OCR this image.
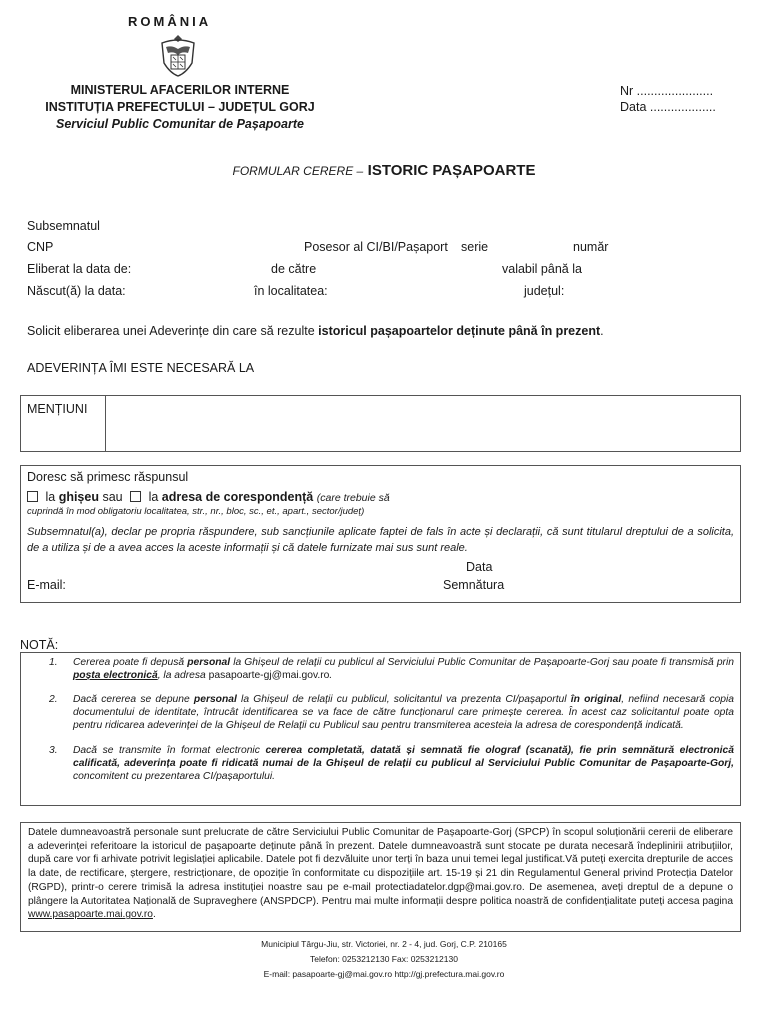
ROMÂNIA
MINISTERUL AFACERILOR INTERNE
INSTITUȚIA PREFECTULUI – JUDEȚUL GORJ
Serviciul Public Comunitar de Pașapoarte
Nr ......................
Data ...................
FORMULAR CERERE – ISTORIC PAȘAPOARTE
Subsemnatul
CNP	Posesor al CI/BI/Pașaport serie	număr
Eliberat la data de:	de către	valabil până la
Născut(ă) la data:	în localitatea:	județul:
Solicit eliberarea unei Adeverințe din care să rezulte istoricul pașapoartelor deținute până în prezent.
ADEVERINȚA ÎMI ESTE NECESARĂ LA
MENȚIUNI
Doresc să primesc răspunsul
la ghișeu sau la adresa de corespondență (care trebuie să
cuprindă în mod obligatoriu localitatea, str., nr., bloc, sc., et., apart., sector/județ)
Subsemnatul(a), declar pe propria răspundere, sub sancțiunile aplicate faptei de fals în acte și declarații, că sunt titularul dreptului de a solicita, de a utiliza și de a avea acces la aceste informații și că datele furnizate mai sus sunt reale.
Data
E-mail:	Semnătura
NOTĂ:
1. Cererea poate fi depusă personal la Ghișeul de relații cu publicul al Serviciului Public Comunitar de Pașapoarte-Gorj sau poate fi transmisă prin poșta electronică, la adresa pasapoarte-gj@mai.gov.ro.
2. Dacă cererea se depune personal la Ghișeul de relații cu publicul, solicitantul va prezenta CI/pașaportul în original, nefiind necesară copia documentului de identitate, întrucât identificarea se va face de către funcționarul care primește cererea. În acest caz solicitantul poate opta pentru ridicarea adeverinței de la Ghișeul de Relații cu Publicul sau pentru transmiterea acesteia la adresa de corespondență indicată.
3. Dacă se transmite în format electronic cererea completată, datată și semnată fie olograf (scanată), fie prin semnătură electronică calificată, adeverința poate fi ridicată numai de la Ghișeul de relații cu publicul al Serviciului Public Comunitar de Pașapoarte-Gorj, concomitent cu prezentarea CI/pașaportului.
Datele dumneavoastră personale sunt prelucrate de către Serviciului Public Comunitar de Pașapoarte-Gorj (SPCP) în scopul soluționării cererii de eliberare a adeverinței referitoare la istoricul de pașapoarte deținute până în prezent. Datele dumneavoastră sunt stocate pe durata necesară îndeplinirii atribuțiilor, după care vor fi arhivate potrivit legislației aplicabile. Datele pot fi dezvăluite unor terți în baza unui temei legal justificat.Vă puteți exercita drepturile de acces la date, de rectificare, ștergere, restricționare, de opoziție în conformitate cu dispozițiile art. 15-19 și 21 din Regulamentul General privind Protecția Datelor (RGPD), printr-o cerere trimisă la adresa instituției noastre sau pe e-mail protectiadatelor.dgp@mai.gov.ro. De asemenea, aveți dreptul de a depune o plângere la Autoritatea Națională de Supraveghere (ANSPDCP). Pentru mai multe informații despre politica noastră de confidențialitate puteți accesa pagina www.pasapoarte.mai.gov.ro.
Municipiul Târgu-Jiu, str. Victoriei, nr. 2 - 4, jud. Gorj, C.P. 210165
Telefon: 0253212130 Fax: 0253212130
E-mail: pasapoarte-gj@mai.gov.ro http://gj.prefectura.mai.gov.ro
